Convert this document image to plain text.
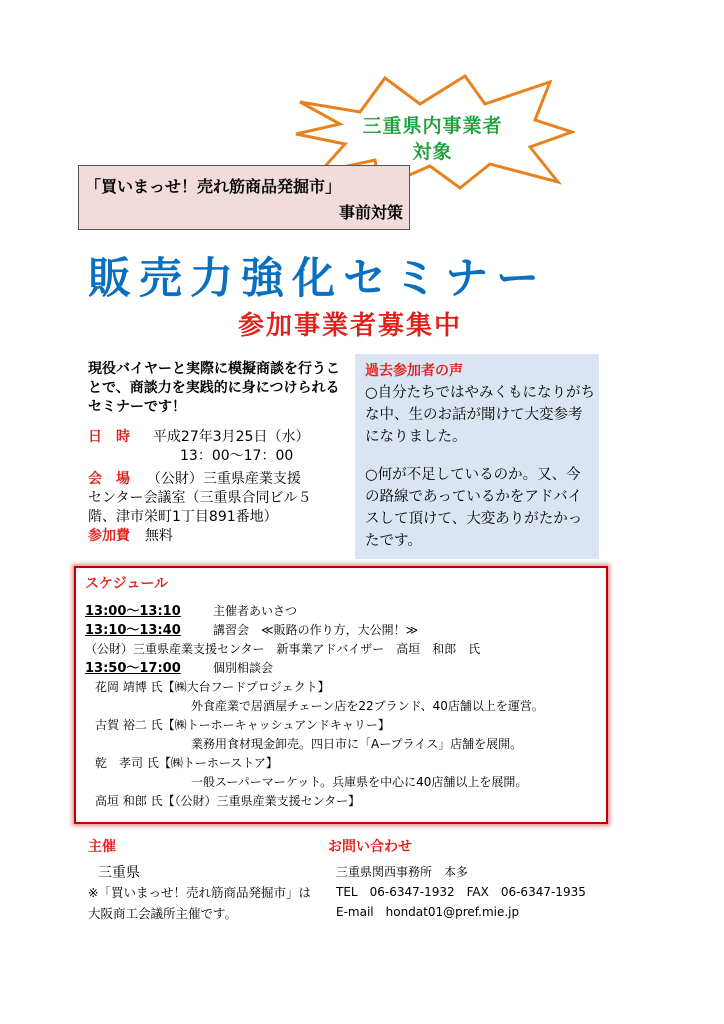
三重県内事業者
対象
「買いまっせ！売れ筋商品発掘市」
事前対策
販売力強化セミナー
参加事業者募集中
現役バイヤーと実際に模擬商談を行うことで、商談力を実践的に身につけられるセミナーです！
日　時 平成27年3月25日（水）
13：00～17：00
会　場 （公財）三重県産業支援
センター会議室（三重県合同ビル５
階、津市栄町1丁目891番地）
参加費 無料
過去参加者の声

○自分たちではやみくもになりがちな中、生のお話が聞けて大変参考になりました。

○何が不足しているのか。又、今の路線であっているかをアドバイスして頂けて、大変ありがたかったです。

スケジュール
13:00～13:10	主催者あいさつ
13:10～13:40	講習会　≪販路の作り方，大公開！≫
（公財）三重県産業支援センター　新事業アドバイザー　高垣　和郎　氏
13:50～17:00	個別相談会
花岡 靖博 氏【㈱大台フードプロジェクト】
外食産業で居酒屋チェーン店を22ブランド、40店舗以上を運営。
古賀 裕二 氏【㈱トーホーキャッシュアンドキャリー】
業務用食材現金卸売。四日市に「Aープライス」店舗を展開。
乾　孝司 氏【㈱トーホーストア】
一般スーパーマーケット。兵庫県を中心に40店舗以上を展開。
高垣 和郎 氏【（公財）三重県産業支援センター】
主催
三重県
※「買いまっせ！売れ筋商品発掘市」は大阪商工会議所主催です。
お問い合わせ
三重県関西事務所　本多
TEL　06-6347-1932　FAX　06-6347-1935
E-mail　hondat01@pref.mie.jp
